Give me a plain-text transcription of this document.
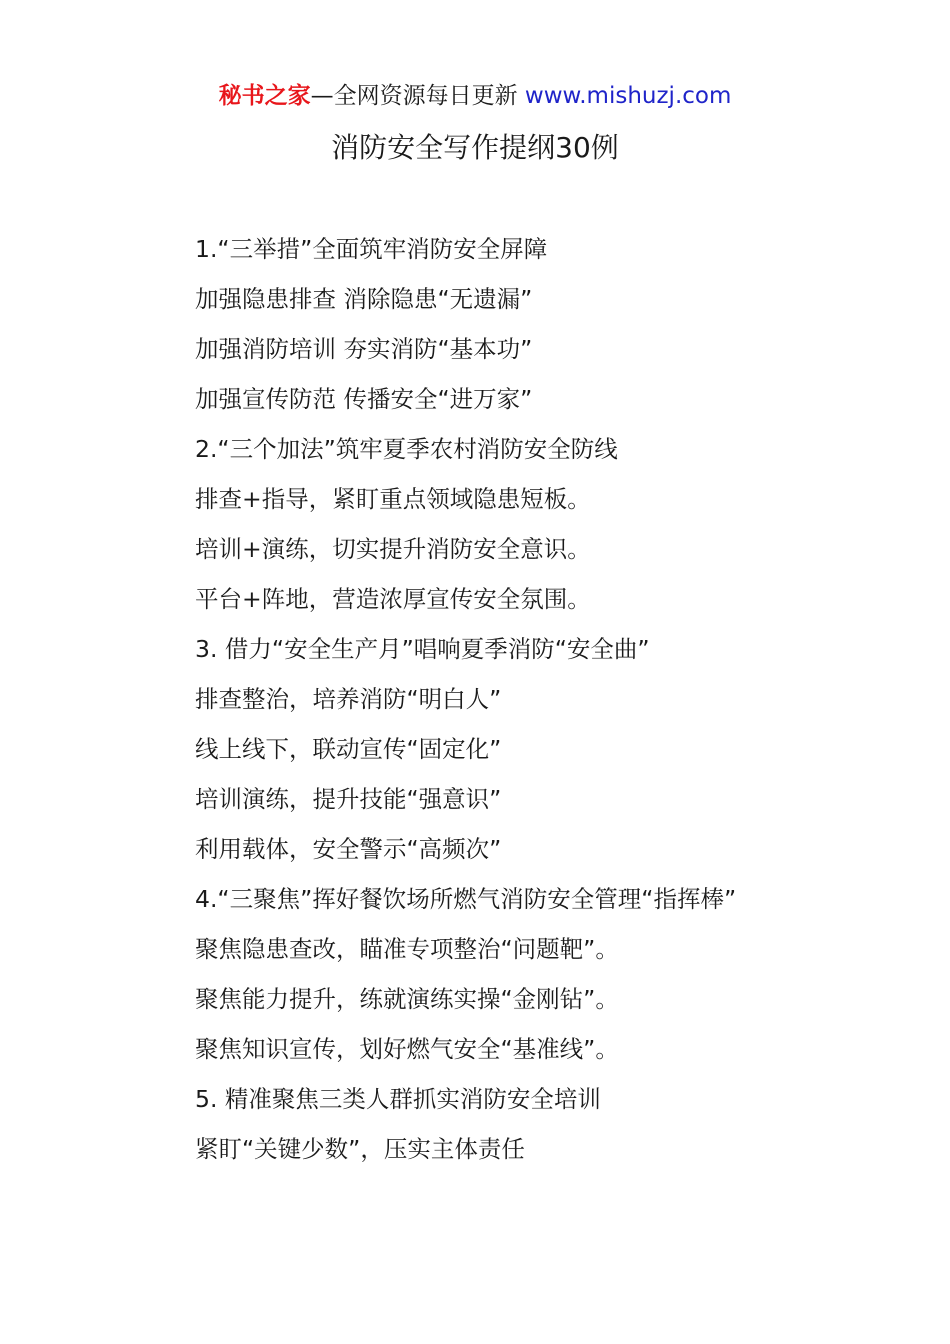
秘书之家—全网资源每日更新 www.mishuzj.com
消防安全写作提纲30例

1.“三举措”全面筑牢消防安全屏障

加强隐患排查 消除隐患“无遗漏”

加强消防培训 夯实消防“基本功”

加强宣传防范 传播安全“进万家”

2.“三个加法”筑牢夏季农村消防安全防线

排查+指导，紧盯重点领域隐患短板。

培训+演练，切实提升消防安全意识。

平台+阵地，营造浓厚宣传安全氛围。

3. 借力“安全生产月”唱响夏季消防“安全曲”

排查整治，培养消防“明白人”

线上线下，联动宣传“固定化”

培训演练，提升技能“强意识”

利用载体，安全警示“高频次”

4.“三聚焦”挥好餐饮场所燃气消防安全管理“指挥棒”

聚焦隐患查改，瞄准专项整治“问题靶”。

聚焦能力提升，练就演练实操“金刚钻”。

聚焦知识宣传，划好燃气安全“基准线”。

5. 精准聚焦三类人群抓实消防安全培训

紧盯“关键少数”，压实主体责任
